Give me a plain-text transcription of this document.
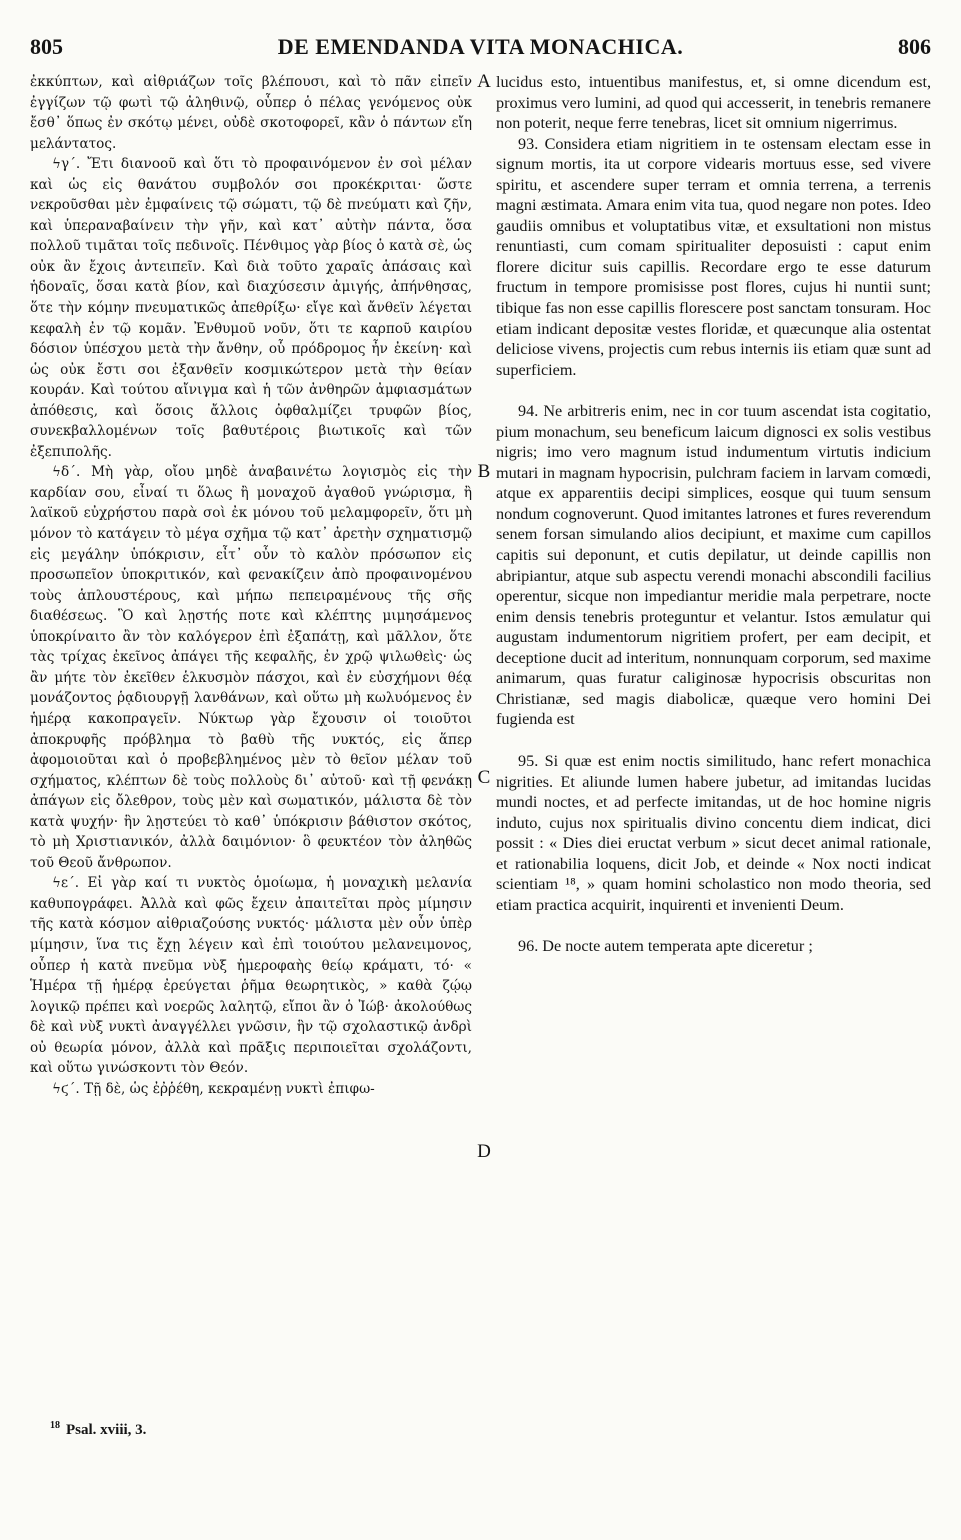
805	DE EMENDANDA VITA MONACHICA.	806

ἐκκύπτων, καὶ αἰθριάζων τοῖς βλέπουσι, καὶ τὸ πᾶν εἰπεῖν ἐγγίζων τῷ φωτὶ τῷ ἀληθινῷ, οὗπερ ὁ πέλας γενόμενος οὐκ ἔσθ᾽ ὅπως ἐν σκότῳ μένει, οὐδὲ σκοτοφορεῖ, κἂν ὁ πάντων εἴη μελάντατος.

ϟγ΄. Ἔτι διανοοῦ καὶ ὅτι τὸ προφαινόμενον ἐν σοὶ μέλαν καὶ ὡς εἰς θανάτου συμβολόν σοι προκέκριται· ὥστε νεκροῦσθαι μὲν ἐμφαίνεις τῷ σώματι, τῷ δὲ πνεύματι καὶ ζῆν, καὶ ὑπεραναβαίνειν τὴν γῆν, καὶ κατ᾽ αὐτὴν πάντα, ὅσα πολλοῦ τιμᾶται τοῖς πεδινοῖς. Πένθιμος γὰρ βίος ὁ κατὰ σὲ, ὡς οὐκ ἂν ἔχοις ἀντειπεῖν. Καὶ διὰ τοῦτο χαραῖς ἁπάσαις καὶ ἡδοναῖς, ὅσαι κατὰ βίον, καὶ διαχύσεσιν ἀμιγής, ἀπήνθησας, ὅτε τὴν κόμην πνευματικῶς ἀπεθρίξω· εἴγε καὶ ἄνθεϊν λέγεται κεφαλὴ ἐν τῷ κομᾶν. Ἐνθυμοῦ νοῦν, ὅτι τε καρποῦ καιρίου δόσιον ὑπέσχου μετὰ τὴν ἄνθην, οὗ πρόδρομος ἦν ἐκείνη· καὶ ὡς οὐκ ἔστι σοι ἐξανθεῖν κοσμικώτερον μετὰ τὴν θείαν κουράν. Καὶ τούτου αἴνιγμα καὶ ἡ τῶν ἀνθηρῶν ἀμφιασμάτων ἀπόθεσις, καὶ ὅσοις ἄλλοις ὀφθαλμίζει τρυφῶν βίος, συνεκβαλλομένων τοῖς βαθυτέροις βιωτικοῖς καὶ τῶν ἐξεπιπολῆς.

ϟδ΄. Μὴ γὰρ, οἴου μηδὲ ἀναβαινέτω λογισμὸς εἰς τὴν καρδίαν σου, εἶναί τι ὅλως ἢ μοναχοῦ ἀγαθοῦ γνώρισμα, ἢ λαϊκοῦ εὐχρήστου παρὰ σοὶ ἐκ μόνου τοῦ μελαμφορεῖν, ὅτι μὴ μόνον τὸ κατάγειν τὸ μέγα σχῆμα τῷ κατ᾽ ἀρετὴν σχηματισμῷ εἰς μεγάλην ὑπόκρισιν, εἶτ᾽ οὖν τὸ καλὸν πρόσωπον εἰς προσωπεῖον ὑποκριτικόν, καὶ φενακίζειν ἀπὸ προφαινομένου τοὺς ἁπλουστέρους, καὶ μήπω πεπειραμένους τῆς σῆς διαθέσεως. Ὃ καὶ λῃστής ποτε καὶ κλέπτης μιμησάμενος ὑποκρίναιτο ἂν τὸν καλόγερον ἐπὶ ἐξαπάτῃ, καὶ μᾶλλον, ὅτε τὰς τρίχας ἐκεῖνος ἀπάγει τῆς κεφαλῆς, ἐν χρῷ ψιλωθεὶς· ὡς ἂν μήτε τὸν ἐκεῖθεν ἑλκυσμὸν πάσχοι, καὶ ἐν εὐσχήμονι θέᾳ μονάζοντος ῥᾳδιουργῇ λανθάνων, καὶ οὕτω μὴ κωλυόμενος ἐν ἡμέρᾳ κακοπραγεῖν. Νύκτωρ γὰρ ἔχουσιν οἱ τοιοῦτοι ἀποκρυφῆς πρόβλημα τὸ βαθὺ τῆς νυκτός, εἰς ἅπερ ἀφομοιοῦται καὶ ὁ προβεβλημένος μὲν τὸ θεῖον μέλαν τοῦ σχήματος, κλέπτων δὲ τοὺς πολλοὺς δι᾽ αὐτοῦ· καὶ τῇ φενάκῃ ἀπάγων εἰς ὄλεθρον, τοὺς μὲν καὶ σωματικόν, μάλιστα δὲ τὸν κατὰ ψυχήν· ἣν λῃστεύει τὸ καθ᾽ ὑπόκρισιν βάθιστον σκότος, τὸ μὴ Χριστιανικόν, ἀλλὰ δαιμόνιον· ὃ φευκτέον τὸν ἀληθῶς τοῦ Θεοῦ ἄνθρωπον.

ϟε΄. Εἰ γὰρ καί τι νυκτὸς ὁμοίωμα, ἡ μοναχικὴ μελανία καθυπογράφει. Ἀλλὰ καὶ φῶς ἔχειν ἀπαιτεῖται πρὸς μίμησιν τῆς κατὰ κόσμον αἰθριαζούσης νυκτός· μάλιστα μὲν οὖν ὑπὲρ μίμησιν, ἵνα τις ἔχῃ λέγειν καὶ ἐπὶ τοιούτου μελανειμονος, οὗπερ ἡ κατὰ πνεῦμα νὺξ ἡμεροφαὴς θείῳ κράματι, τό· « Ἡμέρα τῇ ἡμέρᾳ ἐρεύγεται ῥῆμα θεωρητικὸς, » καθὰ ζῴῳ λογικῷ πρέπει καὶ νοερῶς λαλητῷ, εἴποι ἂν ὁ Ἰώβ· ἀκολούθως δὲ καὶ νὺξ νυκτὶ ἀναγγέλλει γνῶσιν, ἣν τῷ σχολαστικῷ ἀνδρὶ οὐ θεωρία μόνον, ἀλλὰ καὶ πρᾶξις περιποιεῖται σχολάζοντι, καὶ οὕτω γινώσκοντι τὸν Θεόν.

ϟϛ΄. Τῇ δὲ, ὡς ἐῤῥέθη, κεκραμένῃ νυκτὶ ἐπιφω-

A
B
C
D

lucidus esto, intuentibus manifestus, et, si omne dicendum est, proximus vero lumini, ad quod qui accesserit, in tenebris remanere non poterit, neque ferre tenebras, licet sit omnium nigerrimus.

93. Considera etiam nigritiem in te ostensam electam esse in signum mortis, ita ut corpore videaris mortuus esse, sed vivere spiritu, et ascendere super terram et omnia terrena, a terrenis magni æstimata. Amara enim vita tua, quod negare non potes. Ideo gaudiis omnibus et voluptatibus vitæ, et exsultationi non mistus renuntiasti, cum comam spiritualiter deposuisti : caput enim florere dicitur suis capillis. Recordare ergo te esse daturum fructum in tempore promisisse post flores, cujus hi nuntii sunt; tibique fas non esse capillis florescere post sanctam tonsuram. Hoc etiam indicant depositæ vestes floridæ, et quæcunque alia ostentat deliciose vivens, projectis cum rebus internis iis etiam quæ sunt ad superficiem.

94. Ne arbitreris enim, nec in cor tuum ascendat ista cogitatio, pium monachum, seu beneficum laicum dignosci ex solis vestibus nigris; imo vero magnum istud indumentum virtutis indicium mutari in magnam hypocrisin, pulchram faciem in larvam comœdi, atque ex apparentiis decipi simplices, eosque qui tuum sensum nondum cognoverunt. Quod imitantes latrones et fures reverendum senem forsan simulando alios decipiunt, et maxime cum capillos capitis sui deponunt, et cutis depilatur, ut deinde capillis non abripiantur, atque sub aspectu verendi monachi abscondili facilius operentur, sicque non impediantur meridie mala perpetrare, nocte enim densis tenebris proteguntur et velantur. Istos æmulatur qui augustam indumentorum nigritiem profert, per eam decipit, et deceptione ducit ad interitum, nonnunquam corporum, sed maxime animarum, quas furatur caliginosæ hypocrisis obscuritas non Christianæ, sed magis diabolicæ, quæque vero homini Dei fugienda est

95. Si quæ est enim noctis similitudo, hanc refert monachica nigrities. Et aliunde lumen habere jubetur, ad imitandas lucidas mundi noctes, et ad perfecte imitandas, ut de hoc homine nigris induto, cujus nox spiritualis divino concentu diem indicat, dici possit : « Dies diei eructat verbum » sicut decet animal rationale, et rationabilia loquens, dicit Job, et deinde « Nox nocti indicat scientiam ¹⁸, » quam homini scholastico non modo theoria, sed etiam practica acquirit, inquirenti et invenienti Deum.

96. De nocte autem temperata apte diceretur ;

$^{18}$ Psal. xviii, 3.
